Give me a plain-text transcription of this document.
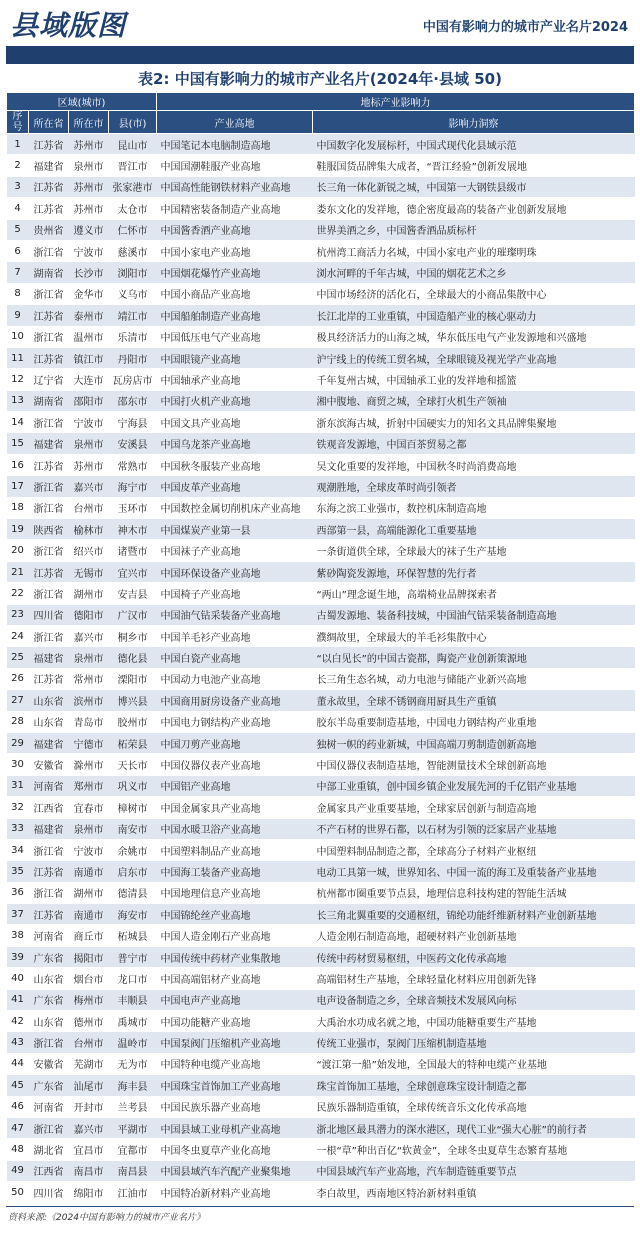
县域版图	中国有影响力的城市产业名片2024
表2: 中国有影响力的城市产业名片(2024年·县域 50)
区域(城市)				地标产业影响力	
序号	所在省	所在市	县(市)	产业高地	影响力洞察
1	江苏省	苏州市	昆山市	中国笔记本电脑制造高地	中国数字化发展标杆，中国式现代化县域示范
2	福建省	泉州市	晋江市	中国国潮鞋服产业高地	鞋服国货品牌集大成者，“晋江经验”创新发展地
3	江苏省	苏州市	张家港市	中国高性能钢铁材料产业高地	长三角一体化新锐之城，中国第一大钢铁县级市
4	江苏省	苏州市	太仓市	中国精密装备制造产业高地	娄东文化的发祥地，德企密度最高的装备产业创新发展地
5	贵州省	遵义市	仁怀市	中国酱香酒产业高地	世界美酒之乡，中国酱香酒品质标杆
6	浙江省	宁波市	慈溪市	中国小家电产业高地	杭州湾工商活力名城，中国小家电产业的璀璨明珠
7	湖南省	长沙市	浏阳市	中国烟花爆竹产业高地	浏水河畔的千年古城，中国的烟花艺术之乡
8	浙江省	金华市	义乌市	中国小商品产业高地	中国市场经济的活化石，全球最大的小商品集散中心
9	江苏省	泰州市	靖江市	中国船舶制造产业高地	长江北岸的工业重镇，中国造船产业的核心驱动力
10	浙江省	温州市	乐清市	中国低压电气产业高地	极具经济活力的山海之城，华东低压电气产业发源地和兴盛地
11	江苏省	镇江市	丹阳市	中国眼镜产业高地	沪宁线上的传统工贸名城，全球眼镜及视光学产业高地
12	辽宁省	大连市	瓦房店市	中国轴承产业高地	千年复州古城，中国轴承工业的发祥地和摇篮
13	湖南省	邵阳市	邵东市	中国打火机产业高地	湘中腹地、商贸之城，全球打火机生产领袖
14	浙江省	宁波市	宁海县	中国文具产业高地	浙东滨海古城，折射中国硬实力的知名文具品牌集聚地
15	福建省	泉州市	安溪县	中国乌龙茶产业高地	铁观音发源地，中国百茶贸易之都
16	江苏省	苏州市	常熟市	中国秋冬服装产业高地	吴文化重要的发祥地，中国秋冬时尚消费高地
17	浙江省	嘉兴市	海宁市	中国皮革产业高地	观潮胜地，全球皮革时尚引领者
18	浙江省	台州市	玉环市	中国数控金属切削机床产业高地	东海之滨工业强市，数控机床制造高地
19	陕西省	榆林市	神木市	中国煤炭产业第一县	西部第一县，高端能源化工重要基地
20	浙江省	绍兴市	诸暨市	中国袜子产业高地	一条街道供全球，全球最大的袜子生产基地
21	江苏省	无锡市	宜兴市	中国环保设备产业高地	紫砂陶瓷发源地，环保智慧的先行者
22	浙江省	湖州市	安吉县	中国椅子产业高地	“两山”理念诞生地，高端椅业品牌探索者
23	四川省	德阳市	广汉市	中国油气钻采装备产业高地	古蜀发源地、装备科技城，中国油气钻采装备制造高地
24	浙江省	嘉兴市	桐乡市	中国羊毛衫产业高地	濮绸故里，全球最大的羊毛衫集散中心
25	福建省	泉州市	德化县	中国白瓷产业高地	“以白见长”的中国古瓷都，陶瓷产业创新策源地
26	江苏省	常州市	溧阳市	中国动力电池产业高地	长三角生态名城，动力电池与储能产业新兴高地
27	山东省	滨州市	博兴县	中国商用厨房设备产业高地	董永故里，全球不锈钢商用厨具生产重镇
28	山东省	青岛市	胶州市	中国电力钢结构产业高地	胶东半岛重要制造基地，中国电力钢结构产业重地
29	福建省	宁德市	柘荣县	中国刀剪产业高地	独树一帜的药业新城，中国高端刀剪制造创新高地
30	安徽省	滁州市	天长市	中国仪器仪表产业高地	中国仪器仪表制造基地，智能测量技术全球创新高地
31	河南省	郑州市	巩义市	中国铝产业高地	中部工业重镇，创中国乡镇企业发展先河的千亿铝产业基地
32	江西省	宜春市	樟树市	中国金属家具产业高地	金属家具产业重要基地，全球家居创新与制造高地
33	福建省	泉州市	南安市	中国水暖卫浴产业高地	不产石材的世界石都，以石材为引领的泛家居产业基地
34	浙江省	宁波市	余姚市	中国塑料制品产业高地	中国塑料制品制造之都，全球高分子材料产业枢纽
35	江苏省	南通市	启东市	中国海工装备产业高地	电动工具第一城，世界知名、中国一流的海工及重装备产业基地
36	浙江省	湖州市	德清县	中国地理信息产业高地	杭州都市圈重要节点县，地理信息科技构建的智能生活城
37	江苏省	南通市	海安市	中国锦纶丝产业高地	长三角北翼重要的交通枢纽，锦纶功能纤维新材料产业创新基地
38	河南省	商丘市	柘城县	中国人造金刚石产业高地	人造金刚石制造高地，超硬材料产业创新基地
39	广东省	揭阳市	普宁市	中国传统中药材产业集散地	传统中药材贸易枢纽，中医药文化传承高地
40	山东省	烟台市	龙口市	中国高端铝材产业高地	高端铝材生产基地，全球轻量化材料应用创新先锋
41	广东省	梅州市	丰顺县	中国电声产业高地	电声设备制造之乡，全球音频技术发展风向标
42	山东省	德州市	禹城市	中国功能糖产业高地	大禹治水功成名就之地，中国功能糖重要生产基地
43	浙江省	台州市	温岭市	中国泵阀门压缩机产业高地	传统工业强市，泵阀门压缩机制造基地
44	安徽省	芜湖市	无为市	中国特种电缆产业高地	“渡江第一船”始发地，全国最大的特种电缆产业基地
45	广东省	汕尾市	海丰县	中国珠宝首饰加工产业高地	珠宝首饰加工基地，全球创意珠宝设计制造之都
46	河南省	开封市	兰考县	中国民族乐器产业高地	民族乐器制造重镇，全球传统音乐文化传承高地
47	浙江省	嘉兴市	平湖市	中国县域工业母机产业高地	浙北地区最具潜力的深水港区，现代工业“强大心脏”的前行者
48	湖北省	宜昌市	宜都市	中国冬虫夏草产业化高地	一根“草”种出百亿“软黄金”，全球冬虫夏草生态繁育基地
49	江西省	南昌市	南昌县	中国县域汽车汽配产业聚集地	中国县域汽车产业高地，汽车制造链重要节点
50	四川省	绵阳市	江油市	中国特冶新材料产业高地	李白故里，西南地区特冶新材料重镇
资料来源:《2024中国有影响力的城市产业名片》
